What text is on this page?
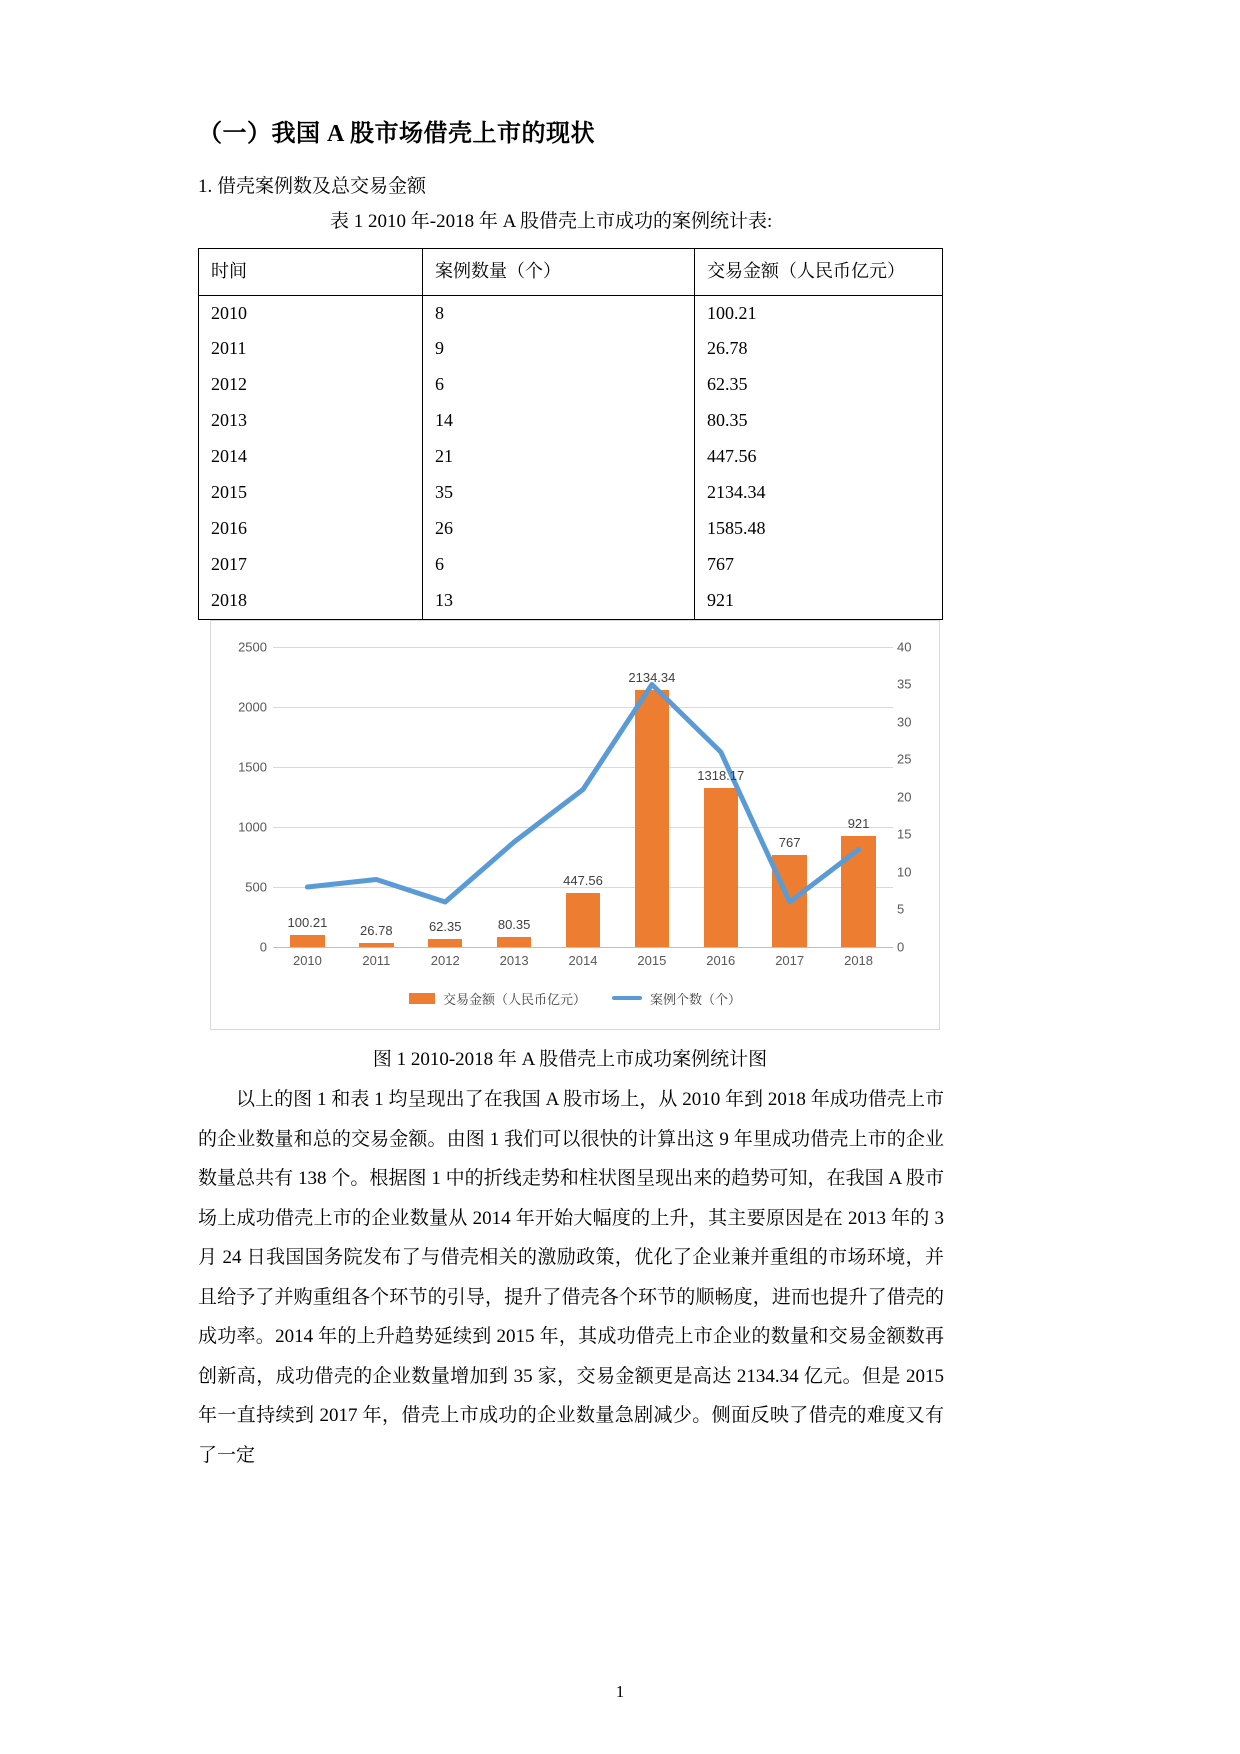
（一）我国 A 股市场借壳上市的现状
1. 借壳案例数及总交易金额
表 1 2010 年-2018 年 A 股借壳上市成功的案例统计表:
时间	案例数量（个）	交易金额（人民币亿元）
2010	8	100.21
2011	9	26.78
2012	6	62.35
2013	14	80.35
2014	21	447.56
2015	35	2134.34
2016	26	1585.48
2017	6	767
2018	13	921
0
500
1000
1500
2000
2500
0
5
10
15
20
25
30
35
40
100.21
26.78	62.35	80.35
447.56
2134.34
1318.17
767
921
2010	2011	2012	2013	2014	2015	2016	2017	2018
交易金额（人民币亿元）	案例个数（个）
图 1 2010-2018 年 A 股借壳上市成功案例统计图

以上的图 1 和表 1 均呈现出了在我国 A 股市场上，从 2010 年到 2018 年成功借壳上市的企业数量和总的交易金额。由图 1 我们可以很快的计算出这 9 年里成功借壳上市的企业数量总共有 138 个。根据图 1 中的折线走势和柱状图呈现出来的趋势可知，在我国 A 股市场上成功借壳上市的企业数量从 2014 年开始大幅度的上升，其主要原因是在 2013 年的 3 月 24 日我国国务院发布了与借壳相关的激励政策，优化了企业兼并重组的市场环境，并且给予了并购重组各个环节的引导，提升了借壳各个环节的顺畅度，进而也提升了借壳的成功率。2014 年的上升趋势延续到 2015 年，其成功借壳上市企业的数量和交易金额数再创新高，成功借壳的企业数量增加到 35 家，交易金额更是高达 2134.34 亿元。但是 2015 年一直持续到 2017 年，借壳上市成功的企业数量急剧减少。侧面反映了借壳的难度又有了一定

1
